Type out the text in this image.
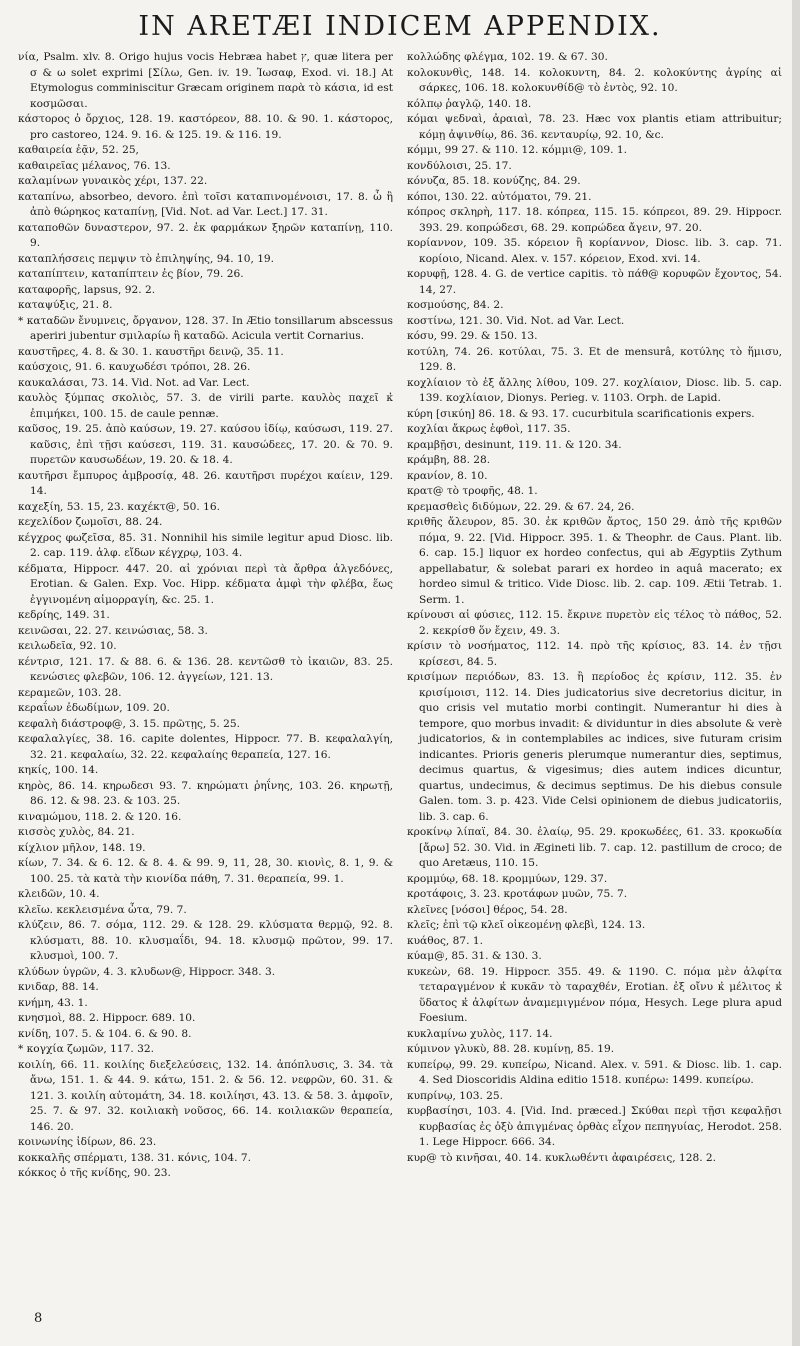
IN ARETÆI INDICEM APPENDIX.

νία, Psalm. xlv. 8. Origo hujus vocis Hebræa habet ץ, quæ litera per σ & ω solet exprimi [Σίλω, Gen. iv. 19. Ἰωσαφ, Exod. vi. 18.] At Etymologus comminiscitur Græcam originem παρὰ τὸ κάσια, id est κοσμῶσαι.

κάστορος ὁ ὄρχιος, 128. 19. καστόρεον, 88. 10. & 90. 1. κάστορος, pro castoreo, 124. 9. 16. & 125. 19. & 116. 19.

καθαιρεία ἐᾷν, 52. 25,

καθαιρεῖας μέλανος, 76. 13.

καλαμίνων γυναικὸς χέρι, 137. 22.

καταπίνω, absorbeo, devoro. ἐπὶ τοῖσι καταπινομένοισι, 17. 8. ὧ ἢ ἀπὸ θώρηκος καταπίνῃ, [Vid. Not. ad Var. Lect.] 17. 31.

καταποθῶν δυναστερον, 97. 2. ἐκ φαρμάκων ξηρῶν καταπίνῃ, 110. 9.

καταπλήσσεις πεμψιν τὸ ἐπιληψίης, 94. 10, 19.

καταπίπτειν, καταπίπτειν ἐς βίον, 79. 26.

καταφορῆς, lapsus, 92. 2.

καταψύξις, 21. 8.

* καταδῶν ἔνυμνεις, ὄργανον, 128. 37. In Ætio tonsillarum abscessus aperiri jubentur σμιλαρίω ἢ καταδῶ. Acicula vertit Cornarius.

καυστῆρες, 4. 8. & 30. 1. καυστῆρι δεινῷ, 35. 11.

καύσχοις, 91. 6. καυχωδέσι τρόποι, 28. 26.

καυκαλάσαι, 73. 14. Vid. Not. ad Var. Lect.

καυλὸς ξύμπας σκολιὸς, 57. 3. de virili parte. καυλὸς παχεῖ κ̓ ἐπιμήκει, 100. 15. de caule pennæ.

καῦσος, 19. 25. ἀπὸ καύσων, 19. 27. καύσου ἰδίῳ, καύσωσι, 119. 27. καῦσις, ἐπὶ τῇσι καύσεσι, 119. 31. καυσώδεες, 17. 20. & 70. 9. πυρετῶν καυσωδέων, 19. 20. & 18. 4.

καυτῆρσι ἔμπυρος ἀμβροσίᾳ, 48. 26. καυτῆρσι πυρέχοι καίειν, 129. 14.

καχεξίη, 53. 15, 23. καχέκτ@, 50. 16.

κεχελίδον ζωμοῖσι, 88. 24.

κέγχρος φωζεῖσα, 85. 31. Nonnihil his simile legitur apud Diosc. lib. 2. cap. 119. ἀλφ. εἴδων κέγχρῳ, 103. 4.

κέδματα, Hippocr. 447. 20. αἱ χρόνιαι περὶ τὰ ἄρθρα ἀλγεδόνες, Erotian. & Galen. Exp. Voc. Hipp. κέδματα ἀμφὶ τὴν φλέβα, ἕως ἐγγινομένη αἱμορραγίη, &c. 25. 1.

κεδρίης, 149. 31.

κεινῶσαι, 22. 27. κεινώσιας, 58. 3.

κειλωδεῖα, 92. 10.

κέντρισ, 121. 17. & 88. 6. & 136. 28. κεντῶσθ τὸ ἰκαιῶν, 83. 25. κενώσιες φλεβῶν, 106. 12. ἀγγείων, 121. 13.

κεραμεῶν, 103. 28.

κεραΐων ἐδωδίμων, 109. 20.

κεφαλὴ διάστροφ@, 3. 15. πρῶτῃς, 5. 25.

κεφαλαλγίες, 38. 16. capite dolentes, Hippocr. 77. B. κεφαλαλγίη, 32. 21. κεφαλαίω, 32. 22. κεφαλαίης θεραπεία, 127. 16.

κηκίς, 100. 14.

κηρὸς, 86. 14. κηρωδεσι 93. 7. κηρώματι ῥηΐνης, 103. 26. κηρωτῇ, 86. 12. & 98. 23. & 103. 25.

κιναμώμου, 118. 2. & 120. 16.

κισσὸς χυλὸς, 84. 21.

κίχλιον μῆλον, 148. 19.

κίων, 7. 34. & 6. 12. & 8. 4. & 99. 9, 11, 28, 30. κιονὶς, 8. 1, 9. & 100. 25. τὰ κατὰ τὴν κιονίδα πάθη, 7. 31. θεραπεία, 99. 1.

κλειδῶν, 10. 4.

κλεῖω. κεκλεισμένα ὦτα, 79. 7.

κλύζειν, 86. 7. σόμα, 112. 29. & 128. 29. κλύσματα θερμῷ, 92. 8. κλύσματι, 88. 10. κλυσμαΐδι, 94. 18. κλυσμῷ πρῶτον, 99. 17. κλυσμοὶ, 100. 7.

κλύδων ὑγρῶν, 4. 3. κλυδων@, Hippocr. 348. 3.

κνιδαρ, 88. 14.

κνήμη, 43. 1.

κνησμοὶ, 88. 2. Hippocr. 689. 10.

κνίδη, 107. 5. & 104. 6. & 90. 8.

* κογχία ζωμῶν, 117. 32.

κοιλίη, 66. 11. κοιλίης διεξελεύσεις, 132. 14. ἀπόπλυσις, 3. 34. τὰ ἄνω, 151. 1. & 44. 9. κάτω, 151. 2. & 56. 12. νεφρῶν, 60. 31. & 121. 3. κοιλίη αὐτομάτη, 34. 18. κοιλίησι, 43. 13. & 58. 3. ἀμφοῖν, 25. 7. & 97. 32. κοιλιακὴ νοῦσος, 66. 14. κοιλιακῶν θεραπεία, 146. 20.

κοινωνίης ἰδίρων, 86. 23.

κοκκαλῆς σπέρματι, 138. 31. κόνις, 104. 7.

κόκκος ὁ τῆς κνίδης, 90. 23.

κολλώδης φλέγμα, 102. 19. & 67. 30.

κολοκυνθὶς, 148. 14. κολοκυντη, 84. 2. κολοκύντης ἀγρίης αἱ σάρκες, 106. 18. κολοκυνθίδ@ τὸ ἐντὸς, 92. 10.

κόλπῳ ῥαγλῷ, 140. 18.

κόμαι ψεδναὶ, ἀραιαὶ, 78. 23. Hæc vox plantis etiam attribuitur; κόμῃ ἀψινθίῳ, 86. 36. κενταυρίῳ, 92. 10, &c.

κόμμι, 99 27. & 110. 12. κόμμι@, 109. 1.

κονδύλοισι, 25. 17.

κόνυζα, 85. 18. κονύζης, 84. 29.

κόποι, 130. 22. αὐτόματοι, 79. 21.

κόπρος σκληρὴ, 117. 18. κόπρεα, 115. 15. κόπρεοι, 89. 29. Hippocr. 393. 29. κοπρώδεσι, 68. 29. κοπρώδεα ἄγειν, 97. 20.

κορίαννον, 109. 35. κόρειον ἢ κορίαννον, Diosc. lib. 3. cap. 71. κορίοιο, Nicand. Alex. v. 157. κόρειον, Exod. xvi. 14.

κορυφῇ, 128. 4. G. de vertice capitis. τὸ πάθ@ κορυφῶν ἔχοντος, 54. 14, 27.

κοσμούσης, 84. 2.

κοστίνω, 121. 30. Vid. Not. ad Var. Lect.

κόσυ, 99. 29. & 150. 13.

κοτύλη, 74. 26. κοτύλαι, 75. 3. Et de mensurâ, κοτύλης τὸ ἥμισυ, 129. 8.

κοχλίαιον τὸ ἐξ ἄλλης λίθου, 109. 27. κοχλίαιον, Diosc. lib. 5. cap. 139. κοχλίαιον, Dionys. Perieg. v. 1103. Orph. de Lapid.

κύρη [σικύη] 86. 18. & 93. 17. cucurbitula scarificationis expers.

κοχλίαι ἄκρως ἑφθοὶ, 117. 35.

κραμβῇσι, desinunt, 119. 11. & 120. 34.

κράμβη, 88. 28.

κρανίον, 8. 10.

κρατ@ τὸ τροφῆς, 48. 1.

κρεμασθεὶς διδύμων, 22. 29. & 67. 24, 26.

κριθῆς ἄλευρον, 85. 30. ἐκ κριθῶν ἄρτος, 150 29. ἀπὸ τῆς κριθῶν πόμα, 9. 22. [Vid. Hippocr. 395. 1. & Theophr. de Caus. Plant. lib. 6. cap. 15.] liquor ex hordeo confectus, qui ab Ægyptiis Zythum appellabatur, & solebat parari ex hordeo in aquâ macerato; ex hordeo simul & tritico. Vide Diosc. lib. 2. cap. 109. Ætii Tetrab. 1. Serm. 1.

κρίνουσι αἱ φύσιες, 112. 15. ἔκρινε πυρετὸν εἰς τέλος τὸ πάθος, 52. 2. κεκρίσθ ὅν ἔχειν, 49. 3.

κρίσιν τὸ νοσήματος, 112. 14. πρὸ τῆς κρίσιος, 83. 14. ἐν τῇσι κρίσεσι, 84. 5.

κρισίμων περιόδων, 83. 13. ἢ περίοδος ἐς κρίσιν, 112. 35. ἐν κρισίμοισι, 112. 14. Dies judicatorius sive decretorius dicitur, in quo crisis vel mutatio morbi contingit. Numerantur hi dies à tempore, quo morbus invadit: & dividuntur in dies absolute & verè judicatorios, & in contemplabiles ac indices, sive futuram crisim indicantes. Prioris generis plerumque numerantur dies, septimus, decimus quartus, & vigesimus; dies autem indices dicuntur, quartus, undecimus, & decimus septimus. De his diebus consule Galen. tom. 3. p. 423. Vide Celsi opinionem de diebus judicatoriis, lib. 3. cap. 6.

κροκίνῳ λίπαϊ, 84. 30. ἐλαίῳ, 95. 29. κροκωδέες, 61. 33. κροκωδία [ἄρω] 52. 30. Vid. in Ægineti lib. 7. cap. 12. pastillum de croco; de quo Aretæus, 110. 15.

κρομμύῳ, 68. 18. κρομμύων, 129. 37.

κροτάφοις, 3. 23. κροτάφων μυῶν, 75. 7.

κλεῖνες [νόσοι] θέρος, 54. 28.

κλεῖς; ἐπὶ τῷ κλεῖ οἰκεομένῃ φλεβὶ, 124. 13.

κυάθος, 87. 1.

κύαμ@, 85. 31. & 130. 3.

κυκεὼν, 68. 19. Hippocr. 355. 49. & 1190. C. πόμα μὲν ἀλφίτα τεταραγμένον κ̓ κυκᾶν τὸ ταραχθέν, Erotian. ἐξ οἴνυ κ̓ μέλιτος κ̓ ὕδατος κ̓ ἀλφίτων ἀναμεμιγμένον πόμα, Hesych. Lege plura apud Foesium.

κυκλαμίνω χυλὸς, 117. 14.

κύμινον γλυκὺ, 88. 28. κυμίνῃ, 85. 19.

κυπείρῳ, 99. 29. κυπείρω, Nicand. Alex. v. 591. & Diosc. lib. 1. cap. 4. Sed Dioscoridis Aldina editio 1518. κυπέρω: 1499. κυπείρω.

κυπρίνῳ, 103. 25.

κυρβασίησι, 103. 4. [Vid. Ind. præced.] Σκύθαι περὶ τῇσι κεφαλῇσι κυρβασίας ἐς ὀξὺ ἀπιγμένας ὀρθὰς εἶχον πεπηγυίας, Herodot. 258. 1. Lege Hippocr. 666. 34.

κυρ@ τὸ κινῆσαι, 40. 14. κυκλωθέντι ἀφαιρέσεις, 128. 2.

8
